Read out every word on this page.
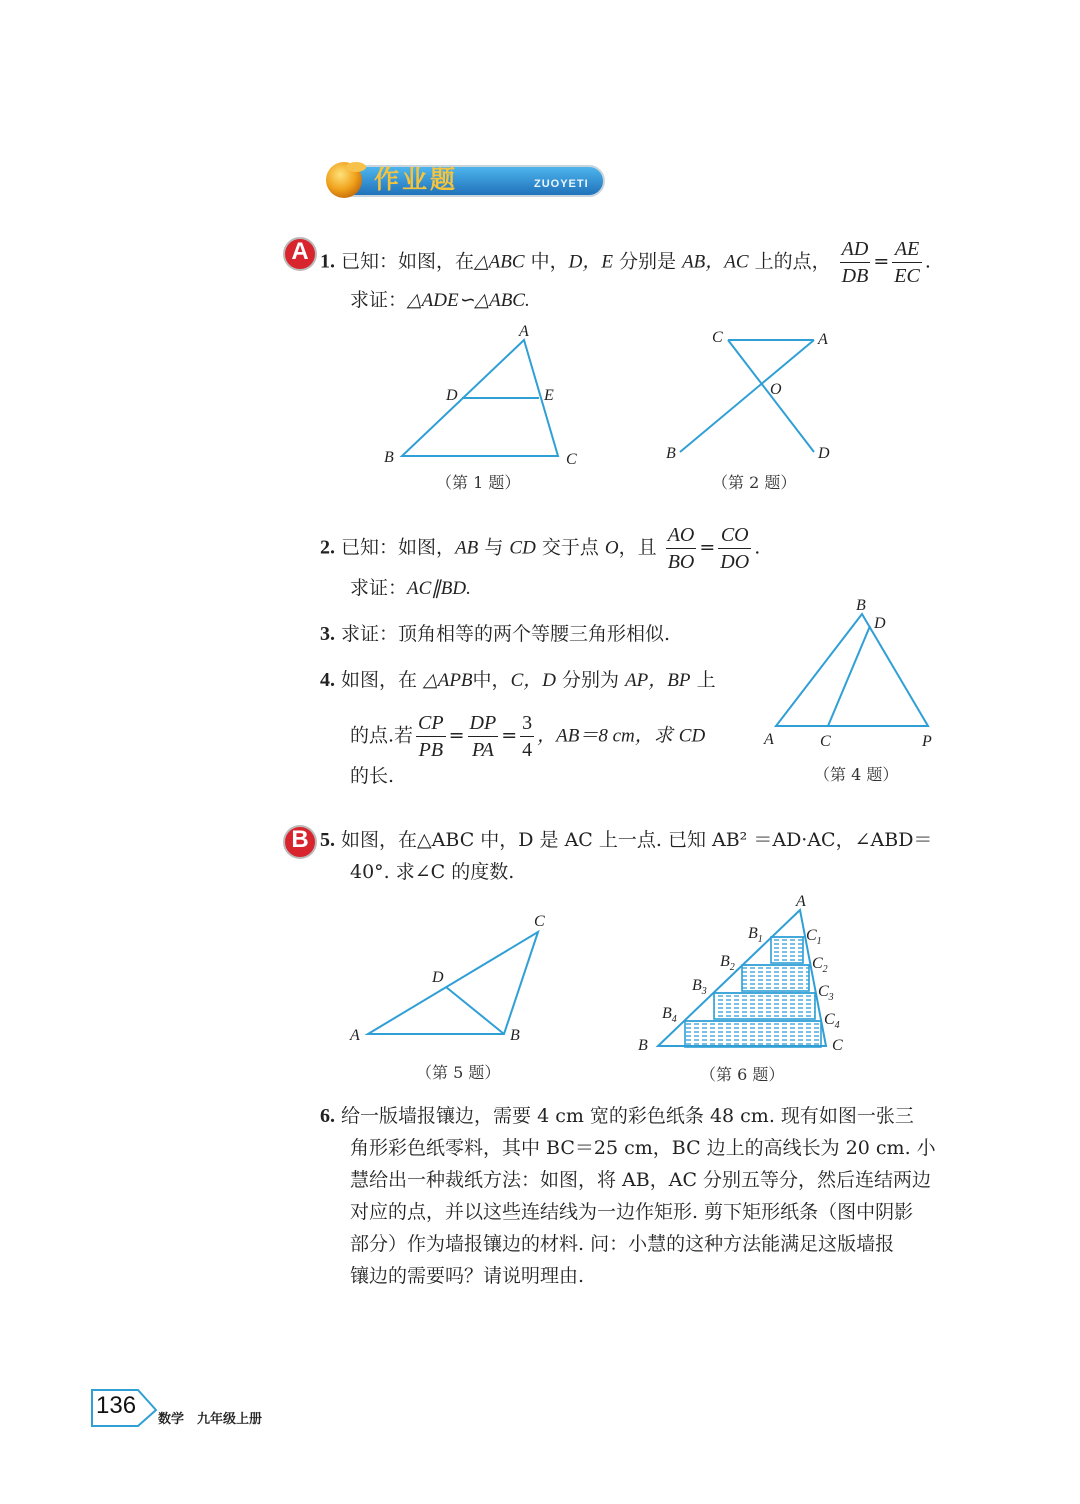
作业题	ZUOYETI
A 1. 已知：如图，在△ABC 中，D，E 分别是 AB，AC 上的点， $\frac{AD}{DB} = \frac{AE}{EC}$ .
求证：△ADE∽△ABC.
A
D	E
B	C
（第 1 题）
C	A
O
B	D
（第 2 题）
2. 已知：如图，AB 与 CD 交于点 O，且 $\frac{AO}{BO} = \frac{CO}{DO}$ .
求证：AC∥BD.
3. 求证：顶角相等的两个等腰三角形相似.
4. 如图，在 △APB中，C，D 分别为 AP，BP 上
的点.若 $\frac{CP}{PB} = \frac{DP}{PA} = \frac{3}{4}$ ，AB＝8 cm，求 CD
的长.
B
D
A	C	P
（第 4 题）
B 5. 如图，在△ABC 中，D 是 AC 上一点. 已知 AB² ＝AD·AC，∠ABD＝
40°. 求∠C 的度数.
C
D
A	B
（第 5 题）
A
$B_1$	$C_1$
$B_2$	$C_2$
$B_3$	$C_3$
$B_4$	$C_4$
B	C
（第 6 题）
6. 给一版墙报镶边，需要 4 cm 宽的彩色纸条 48 cm. 现有如图一张三
角形彩色纸零料，其中 BC＝25 cm，BC 边上的高线长为 20 cm. 小
慧给出一种裁纸方法：如图，将 AB，AC 分别五等分，然后连结两边
对应的点，并以这些连结线为一边作矩形. 剪下矩形纸条（图中阴影
部分）作为墙报镶边的材料. 问：小慧的这种方法能满足这版墙报
镶边的需要吗？请说明理由.
136
数学　九年级上册
